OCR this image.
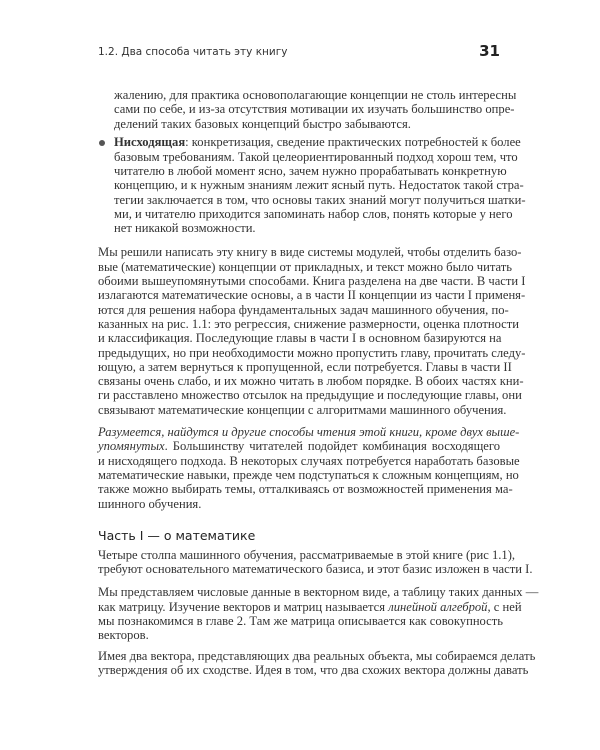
1.2. Два способа читать эту книгу	31
жалению, для практика основополагающие концепции не столь интересны
сами по себе, и из-за отсутствия мотивации их изучать большинство опре-
делений таких базовых концепций быстро забываются.
Нисходящая: конкретизация, сведение практических потребностей к более
базовым требованиям. Такой целеориентированный подход хорош тем, что
читателю в любой момент ясно, зачем нужно прорабатывать конкретную
концепцию, и к нужным знаниям лежит ясный путь. Недостаток такой стра-
тегии заключается в том, что основы таких знаний могут получиться шатки-
ми, и читателю приходится запоминать набор слов, понять которые у него
нет никакой возможности.
Мы решили написать эту книгу в виде системы модулей, чтобы отделить базо-
вые (математические) концепции от прикладных, и текст можно было читать
обоими вышеупомянутыми способами. Книга разделена на две части. В части I
излагаются математические основы, а в части II концепции из части I применя-
ются для решения набора фундаментальных задач машинного обучения, по-
казанных на рис. 1.1: это регрессия, снижение размерности, оценка плотности
и классификация. Последующие главы в части I в основном базируются на
предыдущих, но при необходимости можно пропустить главу, прочитать следу-
ющую, а затем вернуться к пропущенной, если потребуется. Главы в части II
связаны очень слабо, и их можно читать в любом порядке. В обоих частях кни-
ги расставлено множество отсылок на предыдущие и последующие главы, они
связывают математические концепции с алгоритмами машинного обучения.
Разумеется, найдутся и другие способы чтения этой книги, кроме двух выше-
упомянутых. Большинству читателей подойдет комбинация восходящего
и нисходящего подхода. В некоторых случаях потребуется наработать базовые
математические навыки, прежде чем подступаться к сложным концепциям, но
также можно выбирать темы, отталкиваясь от возможностей применения ма-
шинного обучения.
Часть I — о математике
Четыре столпа машинного обучения, рассматриваемые в этой книге (рис 1.1),
требуют основательного математического базиса, и этот базис изложен в части I.
Мы представляем числовые данные в векторном виде, а таблицу таких данных —
как матрицу. Изучение векторов и матриц называется линейной алгеброй, с ней
мы познакомимся в главе 2. Там же матрица описывается как совокупность
векторов.
Имея два вектора, представляющих два реальных объекта, мы собираемся делать
утверждения об их сходстве. Идея в том, что два схожих вектора должны давать
